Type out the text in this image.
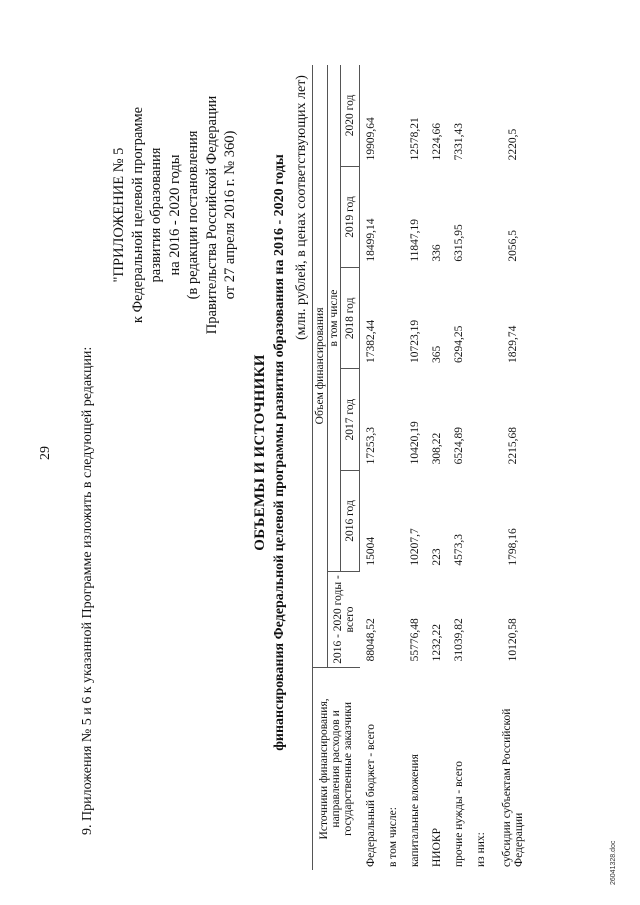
29 9. Приложения № 5 и 6 к указанной Программе изложить в следующей редакции:
"ПРИЛОЖЕНИЕ № 5 к Федеральной целевой программе развития образования на 2016 - 2020 годы (в редакции постановления Правительства Российской Федерации от 27 апреля 2016 г. № 360)
ОБЪЕМЫ И ИСТОЧНИКИ финансирования Федеральной целевой программы развития образования на 2016 - 2020 годы (млн. рублей, в ценах соответствующих лет)
Источники финансирования, направления расходов и государственные заказчики	Объем финансирования					
	2016 - 2020 годы - всего	в том числе				
		2016 год	2017 год	2018 год	2019 год	2020 год
Федеральный бюджет - всего	88048,52	15004	17253,3	17382,44	18499,14	19909,64
в том числе:						
капитальные вложения	55776,48	10207,7	10420,19	10723,19	11847,19	12578,21
НИОКР	1232,22	223	308,22	365	336	1224,66
прочие нужды - всего	31039,82	4573,3	6524,89	6294,25	6315,95	7331,43
из них:						
субсидии субъектам Российской Федерации	10120,58	1798,16	2215,68	1829,74	2056,5	2220,5
26041328.doc
